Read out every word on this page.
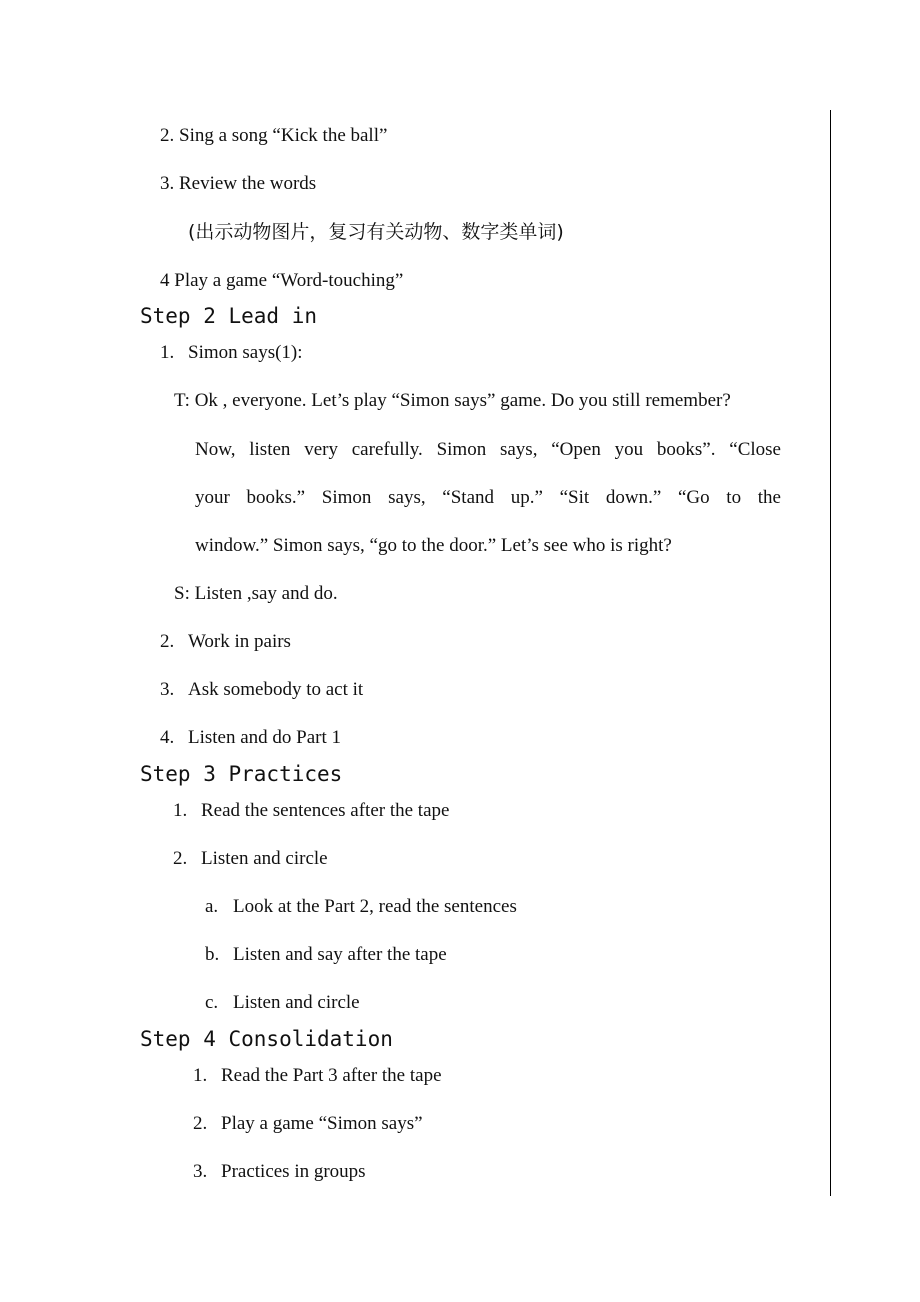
2. Sing a song “Kick the ball”
3. Review the words
(出示动物图片，复习有关动物、数字类单词)
4 Play a game “Word-touching”
Step 2 Lead in
1. Simon says(1):
T: Ok , everyone. Let’s play “Simon says” game. Do you still remember?
Now, listen very carefully. Simon says, “Open you books”. “Close
your books.” Simon says, “Stand up.” “Sit down.” “Go to the
window.” Simon says, “go to the door.” Let’s see who is right?
S: Listen ,say and do.
2. Work in pairs
3. Ask somebody to act it
4. Listen and do Part 1
Step 3 Practices
1. Read the sentences after the tape
2. Listen and circle
a. Look at the Part 2, read the sentences
b. Listen and say after the tape
c. Listen and circle
Step 4 Consolidation
1. Read the Part 3 after the tape
2. Play a game “Simon says”
3. Practices in groups
